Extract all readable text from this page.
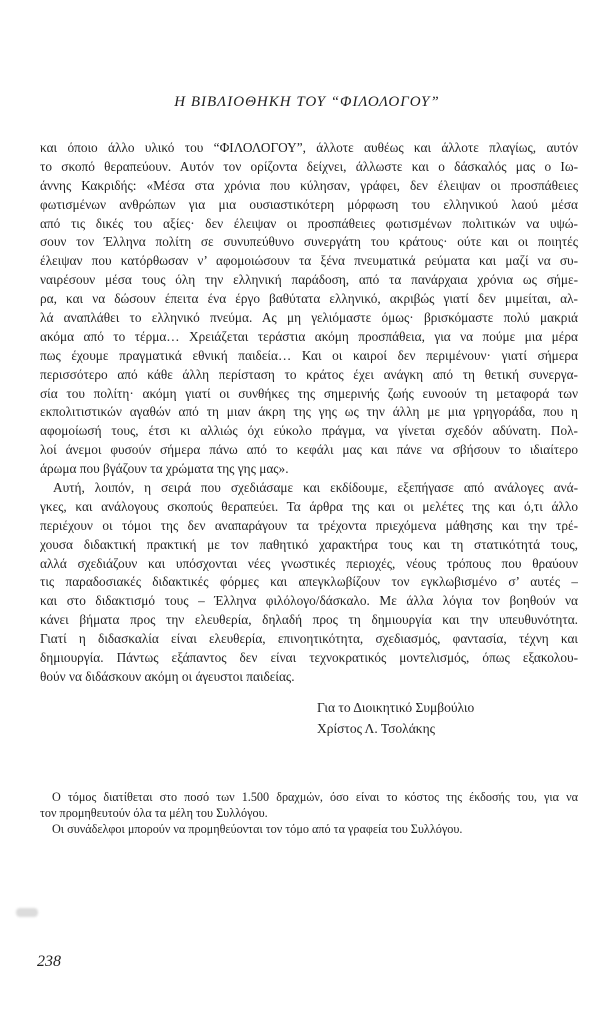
Η ΒΙΒΛΙΟΘΗΚΗ ΤΟΥ “ΦΙΛΟΛΟΓΟΥ”
και όποιο άλλο υλικό του “ΦΙΛΟΛΟΓΟΥ”, άλλοτε αυθέως και άλλοτε πλαγίως, αυτόν
το σκοπό θεραπεύουν. Αυτόν τον ορίζοντα δείχνει, άλλωστε και ο δάσκαλός μας ο Ιω-
άννης Κακριδής: «Μέσα στα χρόνια που κύλησαν, γράφει, δεν έλειψαν οι προσπάθειες
φωτισμένων ανθρώπων για μια ουσιαστικότερη μόρφωση του ελληνικού λαού μέσα
από τις δικές του αξίες· δεν έλειψαν οι προσπάθειες φωτισμένων πολιτικών να υψώ-
σουν τον Έλληνα πολίτη σε συνυπεύθυνο συνεργάτη του κράτους· ούτε και οι ποιητές
έλειψαν που κατόρθωσαν ν’ αφομοιώσουν τα ξένα πνευματικά ρεύματα και μαζί να συ-
ναιρέσουν μέσα τους όλη την ελληνική παράδοση, από τα πανάρχαια χρόνια ως σήμε-
ρα, και να δώσουν έπειτα ένα έργο βαθύτατα ελληνικό, ακριβώς γιατί δεν μιμείται, αλ-
λά αναπλάθει το ελληνικό πνεύμα. Ας μη γελιόμαστε όμως· βρισκόμαστε πολύ μακριά
ακόμα από το τέρμα… Χρειάζεται τεράστια ακόμη προσπάθεια, για να πούμε μια μέρα
πως έχουμε πραγματικά εθνική παιδεία… Και οι καιροί δεν περιμένουν· γιατί σήμερα
περισσότερο από κάθε άλλη περίσταση το κράτος έχει ανάγκη από τη θετική συνεργα-
σία του πολίτη· ακόμη γιατί οι συνθήκες της σημερινής ζωής ευνοούν τη μεταφορά των
εκπολιτιστικών αγαθών από τη μιαν άκρη της γης ως την άλλη με μια γρηγοράδα, που η
αφομοίωσή τους, έτσι κι αλλιώς όχι εύκολο πράγμα, να γίνεται σχεδόν αδύνατη. Πολ-
λοί άνεμοι φυσούν σήμερα πάνω από το κεφάλι μας και πάνε να σβήσουν το ιδιαίτερο
άρωμα που βγάζουν τα χρώματα της γης μας».
Αυτή, λοιπόν, η σειρά που σχεδιάσαμε και εκδίδουμε, εξεπήγασε από ανάλογες ανά-
γκες, και ανάλογους σκοπούς θεραπεύει. Τα άρθρα της και οι μελέτες της και ό,τι άλλο
περιέχουν οι τόμοι της δεν αναπαράγουν τα τρέχοντα πριεχόμενα μάθησης και την τρέ-
χουσα διδακτική πρακτική με τον παθητικό χαρακτήρα τους και τη στατικότητά τους,
αλλά σχεδιάζουν και υπόσχονται νέες γνωστικές περιοχές, νέους τρόπους που θραύουν
τις παραδοσιακές διδακτικές φόρμες και απεγκλωβίζουν τον εγκλωβισμένο σ’ αυτές –
και στο διδακτισμό τους – Έλληνα φιλόλογο/δάσκαλο. Με άλλα λόγια τον βοηθούν να
κάνει βήματα προς την ελευθερία, δηλαδή προς τη δημιουργία και την υπευθυνότητα.
Γιατί η διδασκαλία είναι ελευθερία, επινοητικότητα, σχεδιασμός, φαντασία, τέχνη και
δημιουργία. Πάντως εξάπαντος δεν είναι τεχνοκρατικός μοντελισμός, όπως εξακολου-
θούν να διδάσκουν ακόμη οι άγευστοι παιδείας.
Για το Διοικητικό Συμβούλιο
Χρίστος Λ. Τσολάκης
Ο τόμος διατίθεται στο ποσό των 1.500 δραχμών, όσο είναι το κόστος της έκδοσής του, για να
τον προμηθευτούν όλα τα μέλη του Συλλόγου.
Οι συνάδελφοι μπορούν να προμηθεύονται τον τόμο από τα γραφεία του Συλλόγου.
238
